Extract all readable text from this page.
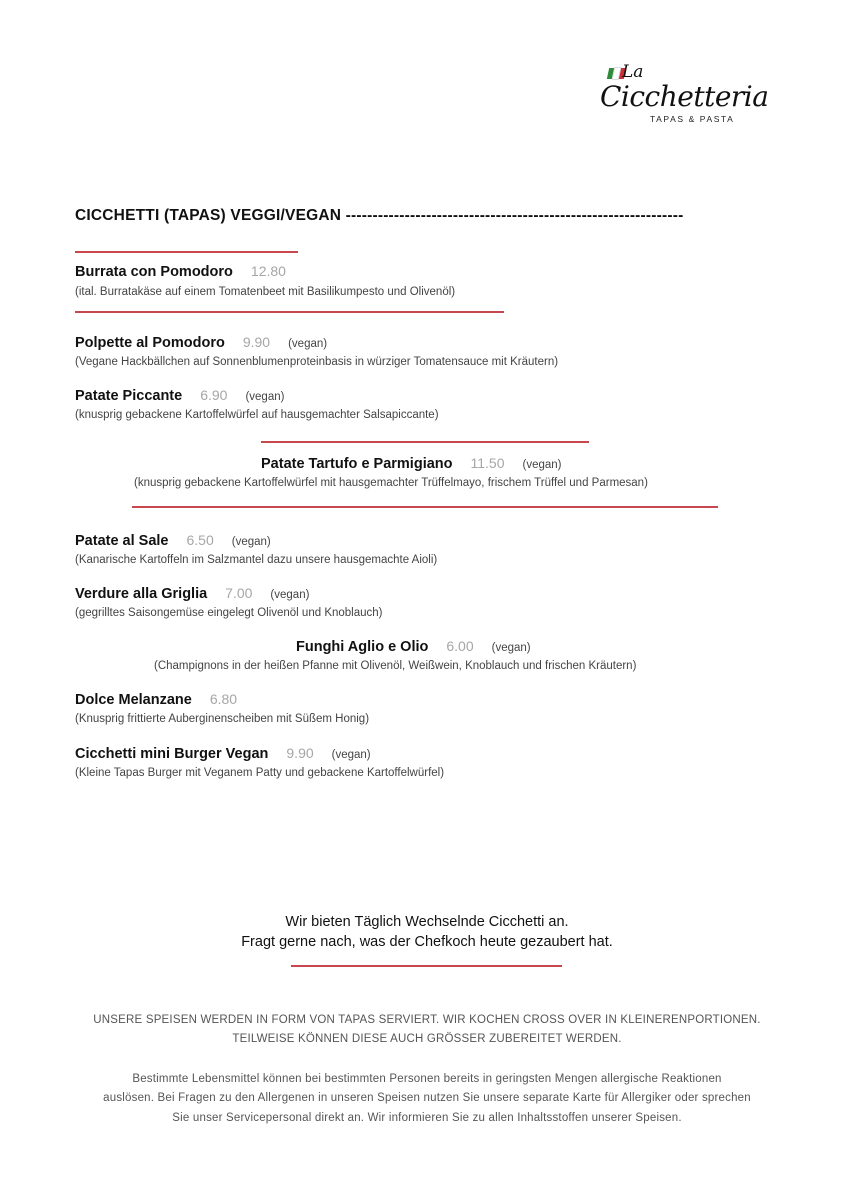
La
Cicchetteria
TAPAS & PASTA
CICCHETTI (TAPAS) VEGGI/VEGAN ---------------------------------------------------------------
Burrata con Pomodoro 12.80
(ital. Burratakäse auf einem Tomatenbeet mit Basilikumpesto und Olivenöl)
Polpette al Pomodoro 9.90 (vegan)
(Vegane Hackbällchen auf Sonnenblumenproteinbasis in würziger Tomatensauce mit Kräutern)
Patate Piccante 6.90 (vegan)
(knusprig gebackene Kartoffelwürfel auf hausgemachter Salsapiccante)
Patate Tartufo e Parmigiano 11.50 (vegan)
(knusprig gebackene Kartoffelwürfel mit hausgemachter Trüffelmayo, frischem Trüffel und Parmesan)
Patate al Sale 6.50 (vegan)
(Kanarische Kartoffeln im Salzmantel dazu unsere hausgemachte Aioli)
Verdure alla Griglia 7.00 (vegan)
(gegrilltes Saisongemüse eingelegt Olivenöl und Knoblauch)
Funghi Aglio e Olio 6.00 (vegan)
(Champignons in der heißen Pfanne mit Olivenöl, Weißwein, Knoblauch und frischen Kräutern)
Dolce Melanzane 6.80
(Knusprig frittierte Auberginenscheiben mit Süßem Honig)
Cicchetti mini Burger Vegan 9.90 (vegan)
(Kleine Tapas Burger mit Veganem Patty und gebackene Kartoffelwürfel)
Wir bieten Täglich Wechselnde Cicchetti an.
Fragt gerne nach, was der Chefkoch heute gezaubert hat.
UNSERE SPEISEN WERDEN IN FORM VON TAPAS SERVIERT. WIR KOCHEN CROSS OVER IN KLEINERENPORTIONEN.
TEILWEISE KÖNNEN DIESE AUCH GRÖSSER ZUBEREITET WERDEN.
Bestimmte Lebensmittel können bei bestimmten Personen bereits in geringsten Mengen allergische Reaktionen
auslösen. Bei Fragen zu den Allergenen in unseren Speisen nutzen Sie unsere separate Karte für Allergiker oder sprechen
Sie unser Servicepersonal direkt an. Wir informieren Sie zu allen Inhaltsstoffen unserer Speisen.
